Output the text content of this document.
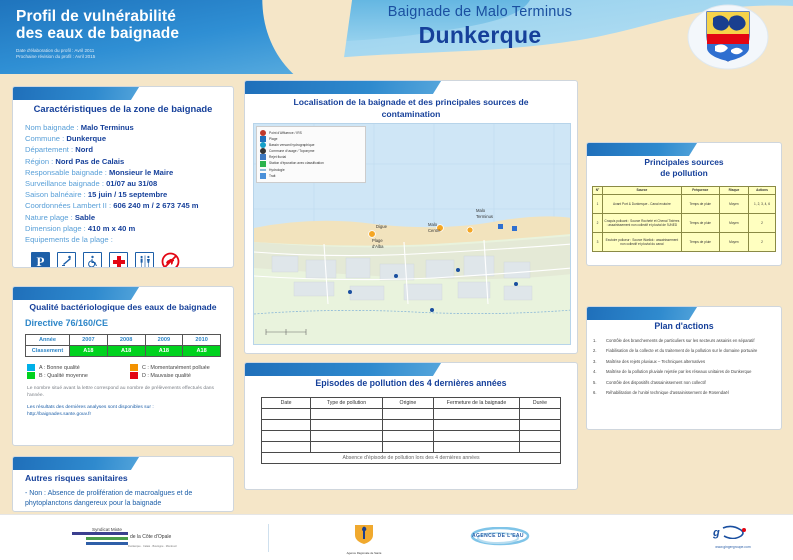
Profil de vulnérabilité
des eaux de baignade
Date d'élaboration du profil : Avril 2011
Prochaine révision du profil : Avril 2015
Baignade de Malo Terminus
Dunkerque
Caractéristiques de la zone de baignade
Nom baignade : Malo Terminus
Commune : Dunkerque
Département : Nord
Région : Nord Pas de Calais
Responsable baignade : Monsieur le Maire
Surveillance baignade : 01/07 au 31/08
Saison balnéaire : 15 juin / 15 septembre
Coordonnées Lambert II : 606 240 m / 2 673 745 m
Nature plage : Sable
Dimension plage : 410 m x 40 m
Equipements de la plage :
P
Qualité bactériologique des eaux de baignade
Directive 76/160/CE
Année	2007	2008	2009	2010
Classement	A18	A18	A18	A18
A : Bonne qualité	C : Momentanément polluée
B : Qualité moyenne	D : Mauvaise qualité
Le nombre situé avant la lettre correspond au nombre de prélèvements effectués dans l'année.
Les résultats des dernières analyses sont disponibles sur :
http://baignades.sante.gouv.fr
Autres risques sanitaires
- Non : Absence de prolifération de macroalgues et de phytoplanctons dangereux pour la baignade
Localisation de la baignade et des principales sources de contamination
Malo
Terminus
Malo
Centre
Digue
Plage
d'Alba
Point d'Affluence / IRS
Plage
Bassin versant hydrographique
Commune d'usage / Toponyme
Rejet fluvial
Station d'épuration avec classification
Hydrologie
Trait
Episodes de pollution des 4 dernières années
Date	Type de pollution	Origine	Fermeture de la baignade	Durée

Absence d'épisode de pollution lors des 4 dernières années				
Principales sources
de pollution
N°	Source	Fréquence	Risque	Actions
1	Avant Port & Dunkerque - Canal exutoire	Temps de pluie	Moyen	1, 2, 3, 4, 6
2	Croquis polluant : Source Rocheté et Chenal Tixières : assainissement non collectif et pluvial de l'UNED	Temps de pluie	Moyen	2
3	Exutoire pollueur : Source Warlick : assainissement non collectif et pluvial du canal	Temps de pluie	Moyen	2
Plan d'actions
1.	Contrôle des branchements de particuliers sur les secteurs assainis en séparatif
2.	Fiabilisation de la collecte et du traitement de la pollution sur le domaine portuaire
3.	Maîtrise des rejets pluviaux – Techniques alternatives
4.	Maîtrise de la pollution pluviale rejetée par les réseaux unitaires de Dunkerque
5.	Contrôle des dispositifs d'assainissement non collectif
6.	Réhabilitation de l'unité technique d'assainissement de Rosendaël
Syndicat Mixte
de la Côte d'Opale
Dunkerque · Calais · Boulogne · Montreuil
Agence Régionale de Santé
AGENCE DE L'EAU	g
www.gingergroupe.com
